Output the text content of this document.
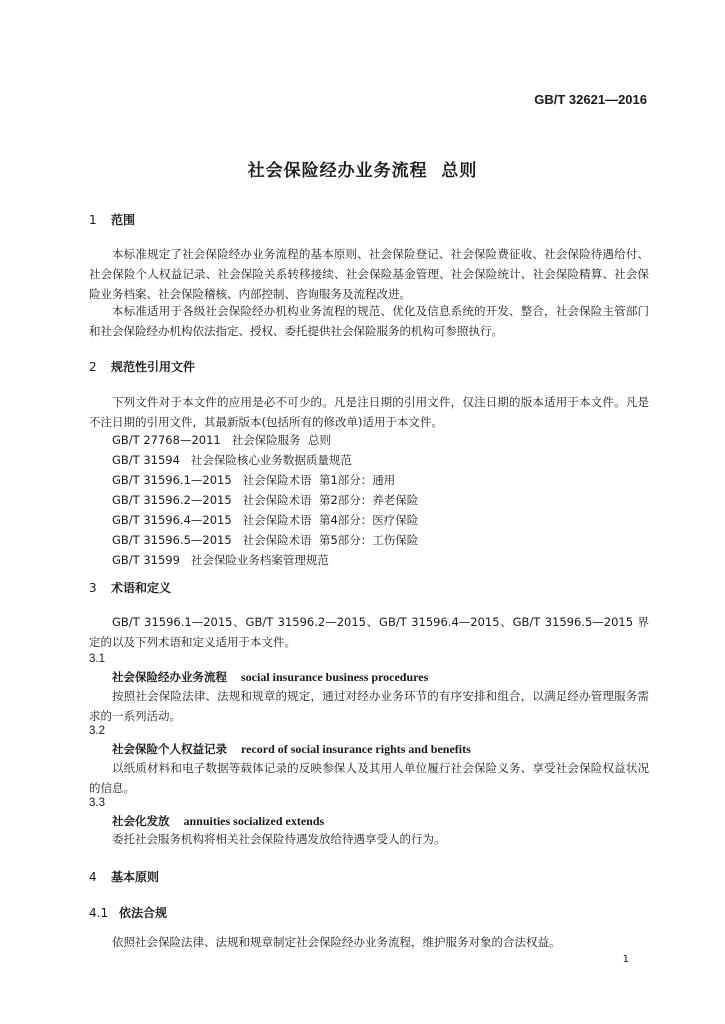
GB/T 32621—2016
社会保险经办业务流程  总则
1 范围

本标准规定了社会保险经办业务流程的基本原则、社会保险登记、社会保险费征收、社会保险待遇给付、社会保险个人权益记录、社会保险关系转移接续、社会保险基金管理、社会保险统计、社会保险精算、社会保险业务档案、社会保险稽核、内部控制、咨询服务及流程改进。

本标准适用于各级社会保险经办机构业务流程的规范、优化及信息系统的开发、整合，社会保险主管部门和社会保险经办机构依法指定、授权、委托提供社会保险服务的机构可参照执行。

2 规范性引用文件

下列文件对于本文件的应用是必不可少的。凡是注日期的引用文件，仅注日期的版本适用于本文件。凡是不注日期的引用文件，其最新版本(包括所有的修改单)适用于本文件。

GB/T 27768—2011 社会保险服务  总则
GB/T 31594 社会保险核心业务数据质量规范
GB/T 31596.1—2015 社会保险术语  第1部分：通用
GB/T 31596.2—2015 社会保险术语  第2部分：养老保险
GB/T 31596.4—2015 社会保险术语  第4部分：医疗保险
GB/T 31596.5—2015 社会保险术语  第5部分：工伤保险
GB/T 31599 社会保险业务档案管理规范
3 术语和定义

GB/T 31596.1—2015、GB/T 31596.2—2015、GB/T 31596.4—2015、GB/T 31596.5—2015 界定的以及下列术语和定义适用于本文件。

3.1
社会保险经办业务流程 social insurance business procedures

按照社会保险法律、法规和规章的规定，通过对经办业务环节的有序安排和组合，以满足经办管理服务需求的一系列活动。

3.2
社会保险个人权益记录 record of social insurance rights and benefits

以纸质材料和电子数据等载体记录的反映参保人及其用人单位履行社会保险义务、享受社会保险权益状况的信息。

3.3
社会化发放 annuities socialized extends

委托社会服务机构将相关社会保险待遇发放给待遇享受人的行为。

4 基本原则
4.1 依法合规

依照社会保险法律、法规和规章制定社会保险经办业务流程，维护服务对象的合法权益。

1
